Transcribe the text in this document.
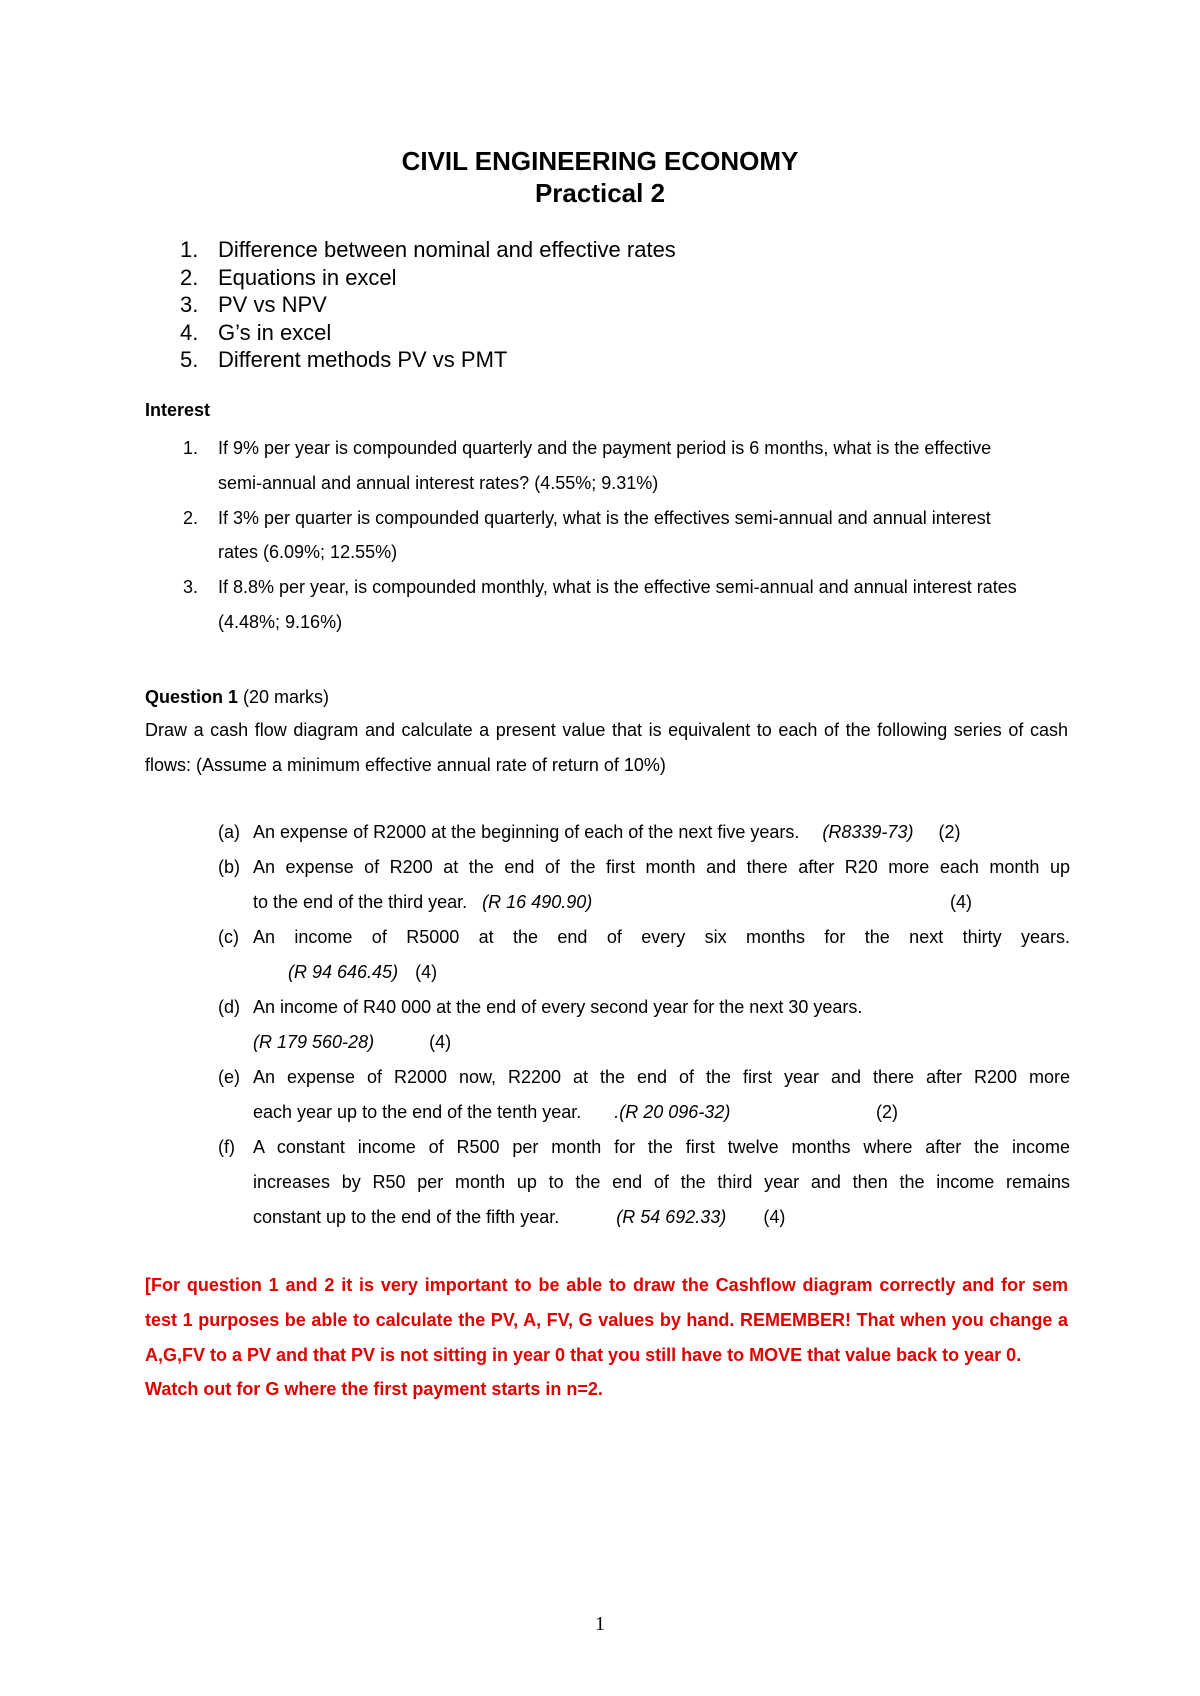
CIVIL ENGINEERING ECONOMY
Practical 2
1. Difference between nominal and effective rates
2. Equations in excel
3. PV vs NPV
4. G’s in excel
5. Different methods PV vs PMT
Interest
1. If 9% per year is compounded quarterly and the payment period is 6 months, what is the effective semi-annual and annual interest rates? (4.55%; 9.31%)
2. If 3% per quarter is compounded quarterly, what is the effectives semi-annual and annual interest rates (6.09%; 12.55%)
3. If 8.8% per year, is compounded monthly, what is the effective semi-annual and annual interest rates (4.48%; 9.16%)
Question 1 (20 marks)
Draw a cash flow diagram and calculate a present value that is equivalent to each of the following series of cash flows: (Assume a minimum effective annual rate of return of 10%)
(a) An expense of R2000 at the beginning of each of the next five years. (R8339-73) (2)
(b) An expense of R200 at the end of the first month and there after R20 more each month up
to the end of the third year. (R 16 490.90)	(4)
(c) An income of R5000 at the end of every six months for the next thirty years.
(R 94 646.45) (4)
(d) An income of R40 000 at the end of every second year for the next 30 years.
(R 179 560-28)	(4)
(e) An expense of R2000 now, R2200 at the end of the first year and there after R200 more
each year up to the end of the tenth year. .(R 20 096-32)	(2)
(f) A constant income of R500 per month for the first twelve months where after the income
increases by R50 per month up to the end of the third year and then the income remains
constant up to the end of the fifth year.	(R 54 692.33) (4)

[For question 1 and 2 it is very important to be able to draw the Cashflow diagram correctly and for sem test 1 purposes be able to calculate the PV, A, FV, G values by hand. REMEMBER! That when you change a A,G,FV to a PV and that PV is not sitting in year 0 that you still have to MOVE that value back to year 0.

Watch out for G where the first payment starts in n=2.

1
